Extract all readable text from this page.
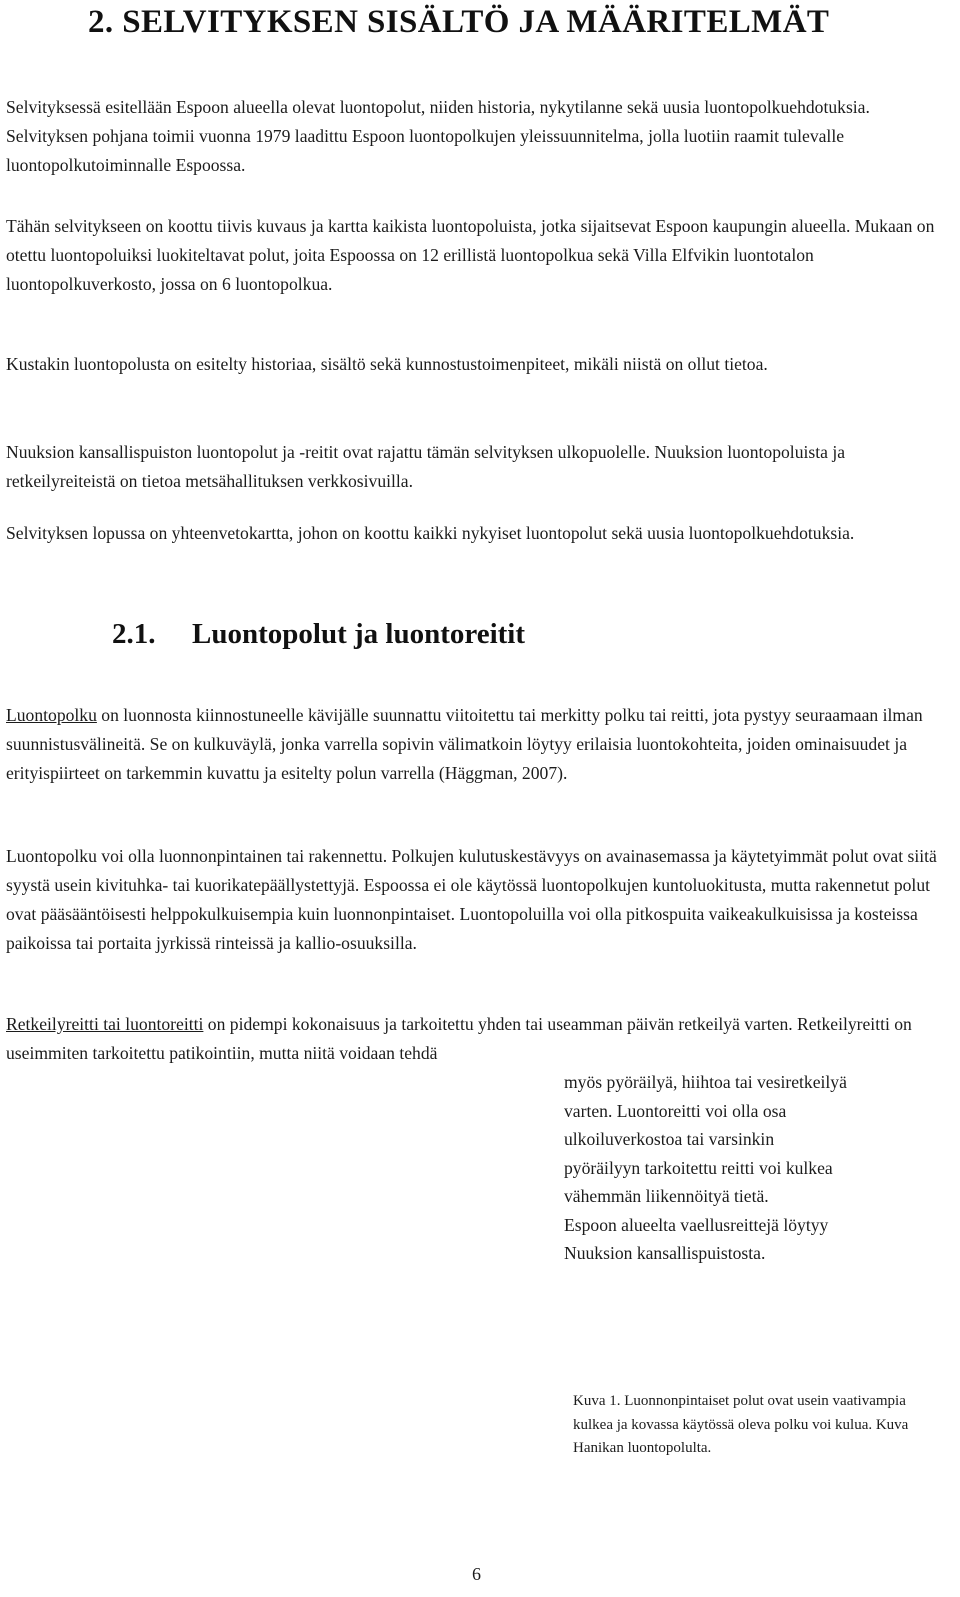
2. SELVITYKSEN SISÄLTÖ JA MÄÄRITELMÄT

Selvityksessä esitellään Espoon alueella olevat luontopolut, niiden historia, nykytilanne sekä uusia luontopolkuehdotuksia. Selvityksen pohjana toimii vuonna 1979 laadittu Espoon luontopolkujen yleissuunnitelma, jolla luotiin raamit tulevalle luontopolkutoiminnalle Espoossa.

Tähän selvitykseen on koottu tiivis kuvaus ja kartta kaikista luontopoluista, jotka sijaitsevat Espoon kaupungin alueella. Mukaan on otettu luontopoluiksi luokiteltavat polut, joita Espoossa on 12 erillistä luontopolkua sekä Villa Elfvikin luontotalon luontopolkuverkosto, jossa on 6 luontopolkua.

Kustakin luontopolusta on esitelty historiaa, sisältö sekä kunnostustoimenpiteet, mikäli niistä on ollut tietoa.

Nuuksion kansallispuiston luontopolut ja -reitit ovat rajattu tämän selvityksen ulkopuolelle. Nuuksion luontopoluista ja retkeilyreiteistä on tietoa metsähallituksen verkkosivuilla.

Selvityksen lopussa on yhteenvetokartta, johon on koottu kaikki nykyiset luontopolut sekä uusia luontopolkuehdotuksia.

2.1. Luontopolut ja luontoreitit

Luontopolku on luonnosta kiinnostuneelle kävijälle suunnattu viitoitettu tai merkitty polku tai reitti, jota pystyy seuraamaan ilman suunnistusvälineitä. Se on kulkuväylä, jonka varrella sopivin välimatkoin löytyy erilaisia luontokohteita, joiden ominaisuudet ja erityispiirteet on tarkemmin kuvattu ja esitelty polun varrella (Häggman, 2007).

Luontopolku voi olla luonnonpintainen tai rakennettu. Polkujen kulutuskestävyys on avainasemassa ja käytetyimmät polut ovat siitä syystä usein kivituhka- tai kuorikatepäällystettyjä. Espoossa ei ole käytössä luontopolkujen kuntoluokitusta, mutta rakennetut polut ovat pääsääntöisesti helppokulkuisempia kuin luonnonpintaiset. Luontopoluilla voi olla pitkospuita vaikeakulkuisissa ja kosteissa paikoissa tai portaita jyrkissä rinteissä ja kallio-osuuksilla.

Retkeilyreitti tai luontoreitti on pidempi kokonaisuus ja tarkoitettu yhden tai useamman päivän retkeilyä varten. Retkeilyreitti on useimmiten tarkoitettu patikointiin, mutta niitä voidaan tehdä

myös pyöräilyä, hiihtoa tai vesiretkeilyä
varten. Luontoreitti voi olla osa
ulkoiluverkostoa tai varsinkin
pyöräilyyn tarkoitettu reitti voi kulkea
vähemmän liikennöityä tietä.
Espoon alueelta vaellusreittejä löytyy
Nuuksion kansallispuistosta.

Kuva 1. Luonnonpintaiset polut ovat usein vaativampia kulkea ja kovassa käytössä oleva polku voi kulua. Kuva Hanikan luontopolulta.

6
